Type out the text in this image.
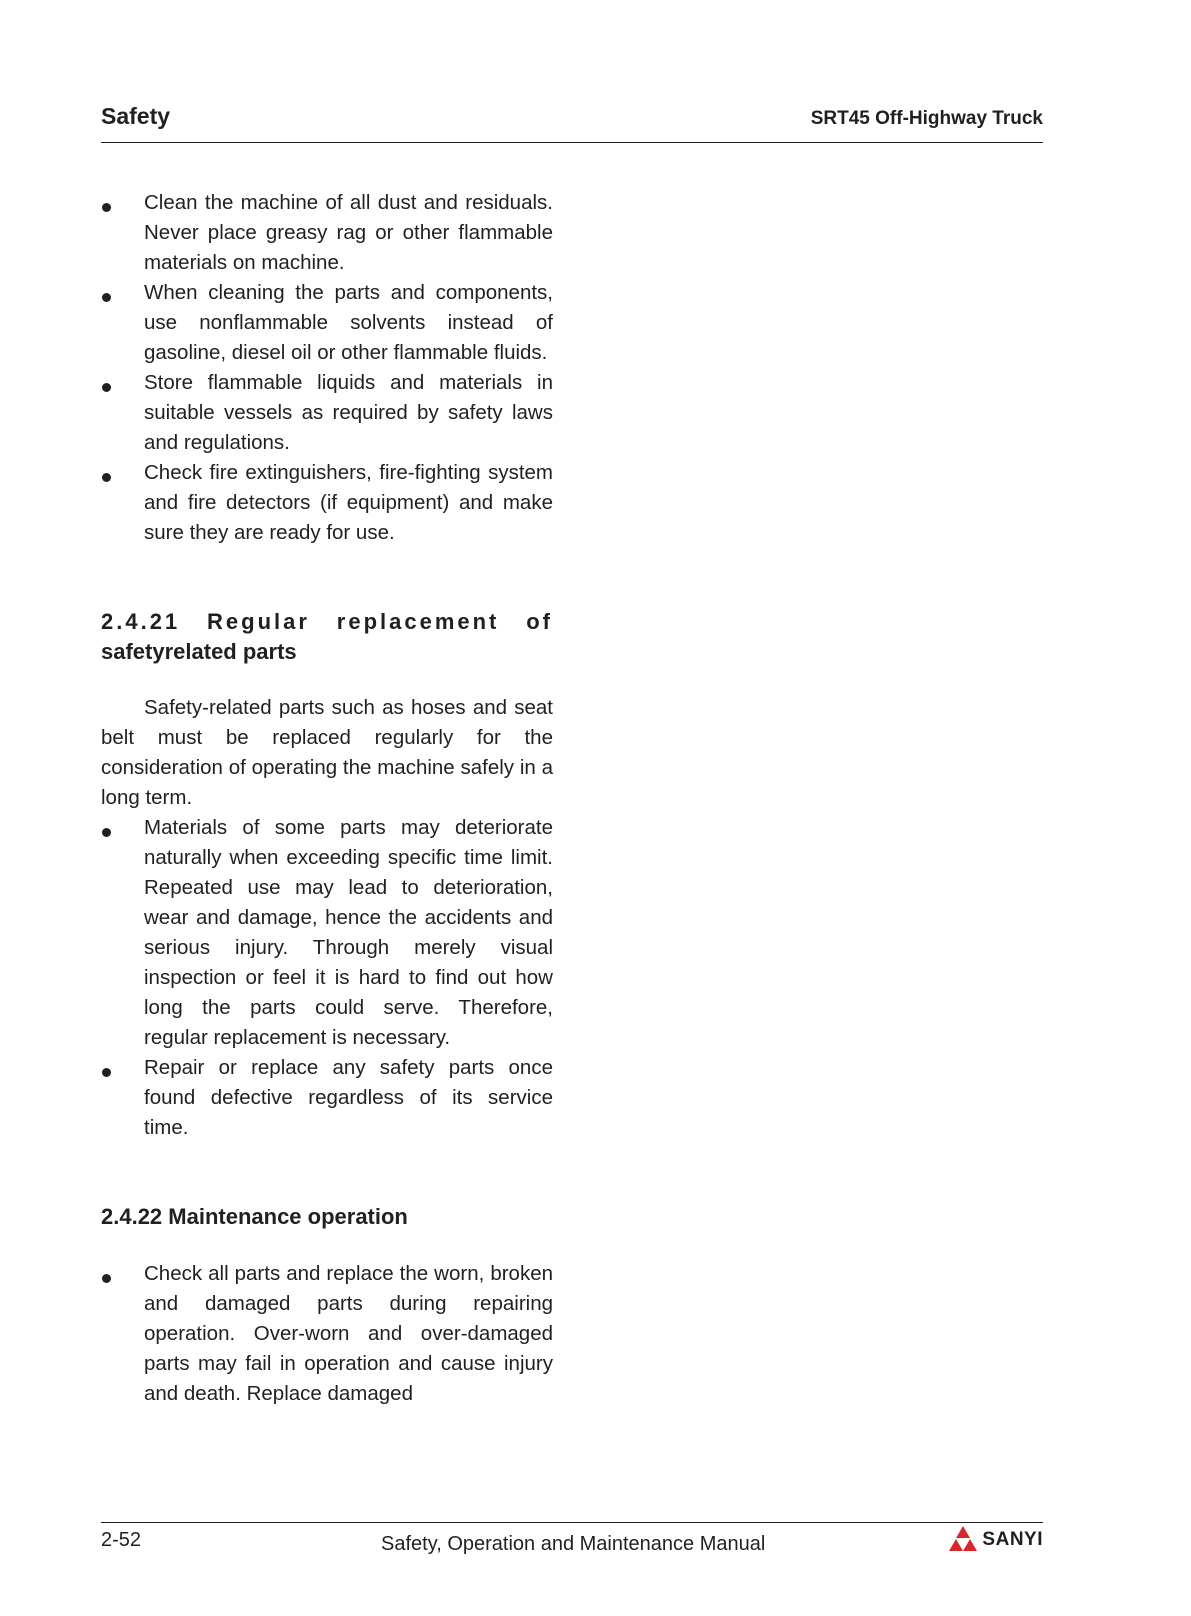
Safety	SRT45 Off-Highway Truck
Clean the machine of all dust and residuals. Never place greasy rag or other flammable materials on machine.
When cleaning the parts and components, use nonflammable solvents instead of gasoline, diesel oil or other flammable fluids.
Store flammable liquids and materials in suitable vessels as required by safety laws and regulations.
Check fire extinguishers, fire-fighting system and fire detectors (if equipment) and make sure they are ready for use.
2.4.21 Regular replacement of
safetyrelated parts

Safety-related parts such as hoses and seat belt must be replaced regularly for the consideration of operating the machine safely in a long term.

Materials of some parts may deteriorate naturally when exceeding specific time limit. Repeated use may lead to deterioration, wear and damage, hence the accidents and serious injury. Through merely visual inspection or feel it is hard to find out how long the parts could serve. Therefore, regular replacement is necessary.
Repair or replace any safety parts once found defective regardless of its service time.
2.4.22 Maintenance operation
Check all parts and replace the worn, broken and damaged parts during repairing operation. Over-worn and over-damaged parts may fail in operation and cause injury and death. Replace damaged
2-52	Safety, Operation and Maintenance Manual	SANYI
